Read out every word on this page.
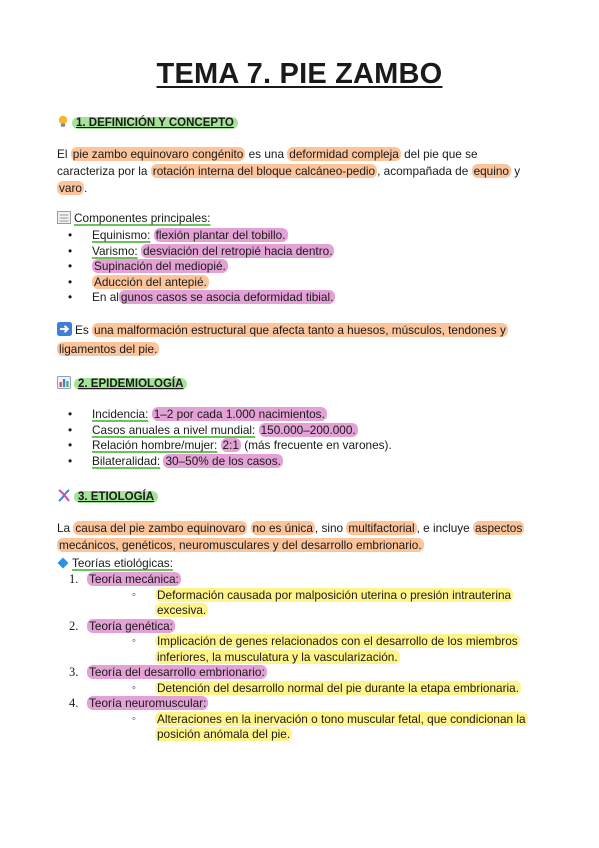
TEMA 7. PIE ZAMBO
1. DEFINICIÓN Y CONCEPTO
El pie zambo equinovaro congénito es una deformidad compleja del pie que se caracteriza por la rotación interna del bloque calcáneo-pedio , acompañada de equino y varo .
Componentes principales:
• Equinismo: flexión plantar del tobillo.
• Varismo: desviación del retropié hacia dentro.
• Supinación del mediopié.
• Aducción del antepié.
• En al gunos casos se asocia deformidad tibial.
Es una malformación estructural que afecta tanto a huesos, músculos, tendones y ligamentos del pie.
2. EPIDEMIOLOGÍA
• Incidencia: 1–2 por cada 1.000 nacimientos.
• Casos anuales a nivel mundial: 150.000–200.000.
• Relación hombre/mujer: 2:1 (más frecuente en varones).
• Bilateralidad: 30–50% de los casos.
3. ETIOLOGÍA
La causa del pie zambo equinovaro no es única , sino multifactorial , e incluye aspectos mecánicos, genéticos, neuromusculares y del desarrollo embrionario.
Teorías etiológicas:
1. Teoría mecánica:
◦ Deformación causada por malposición uterina o presión intrauterina excesiva.
2. Teoría genética:
◦ Implicación de genes relacionados con el desarrollo de los miembros inferiores, la musculatura y la vascularización.
3. Teoría del desarrollo embrionario:
◦ Detención del desarrollo normal del pie durante la etapa embrionaria.
4. Teoría neuromuscular:
◦ Alteraciones en la inervación o tono muscular fetal, que condicionan la posición anómala del pie.
